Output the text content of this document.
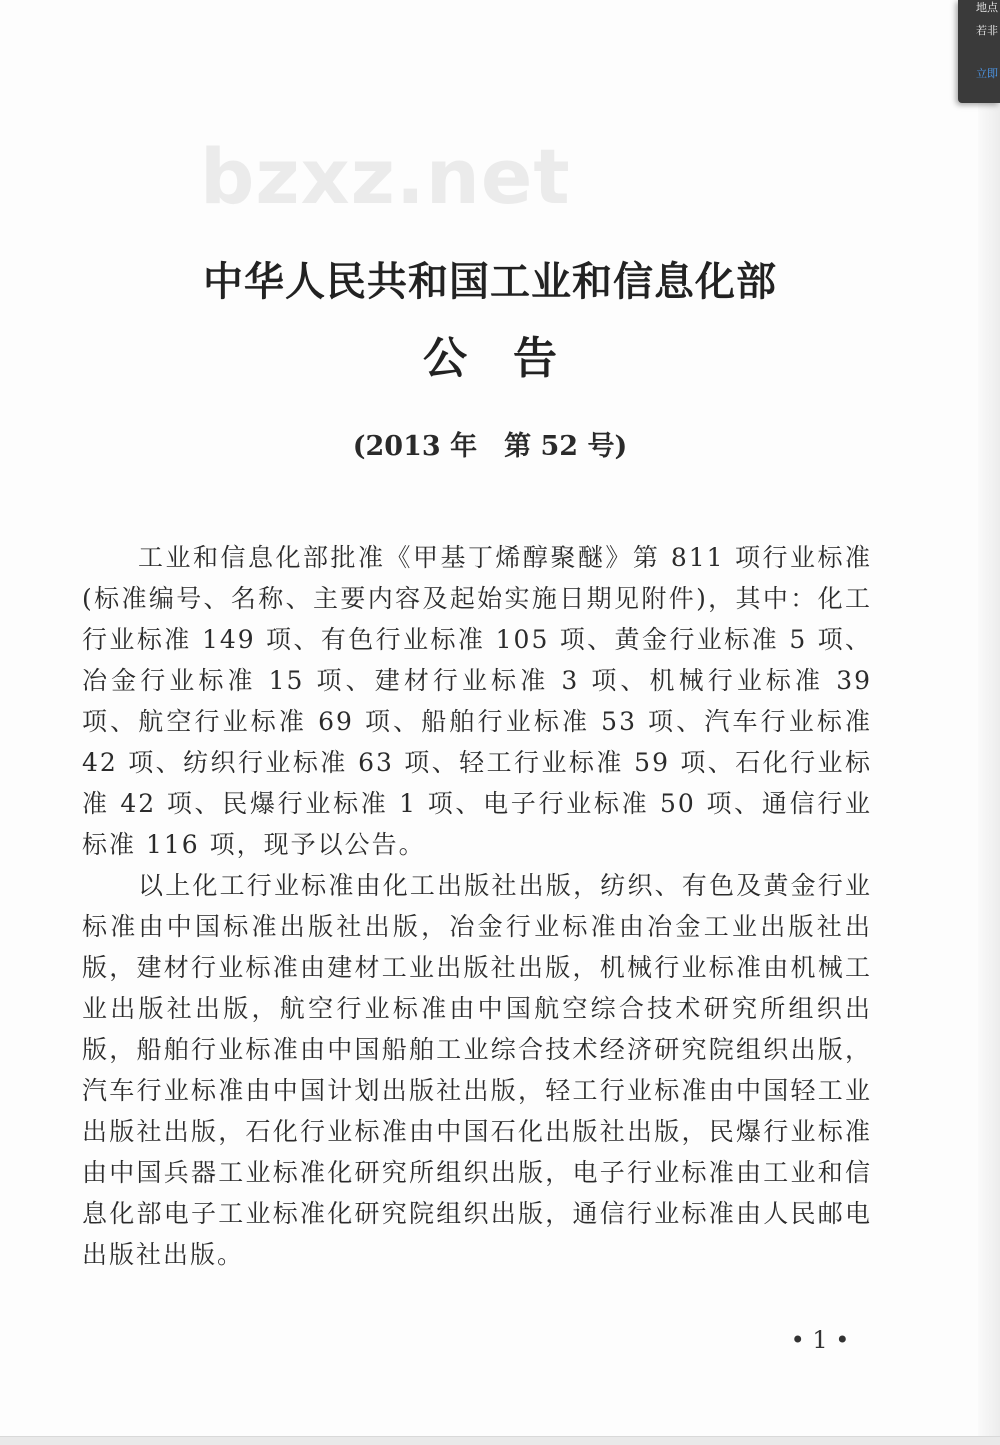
bzxz.net
中华人民共和国工业和信息化部
公告
(2013 年　第 52 号)

工业和信息化部批准《甲基丁烯醇聚醚》第 811 项行业标准(标准编号、名称、主要内容及起始实施日期见附件)，其中：化工行业标准 149 项、有色行业标准 105 项、黄金行业标准 5 项、冶金行业标准 15 项、建材行业标准 3 项、机械行业标准 39 项、航空行业标准 69 项、船舶行业标准 53 项、汽车行业标准 42 项、纺织行业标准 63 项、轻工行业标准 59 项、石化行业标准 42 项、民爆行业标准 1 项、电子行业标准 50 项、通信行业标准 116 项，现予以公告。

以上化工行业标准由化工出版社出版，纺织、有色及黄金行业标准由中国标准出版社出版，冶金行业标准由冶金工业出版社出版，建材行业标准由建材工业出版社出版，机械行业标准由机械工业出版社出版，航空行业标准由中国航空综合技术研究所组织出版，船舶行业标准由中国船舶工业综合技术经济研究院组织出版，汽车行业标准由中国计划出版社出版，轻工行业标准由中国轻工业出版社出版，石化行业标准由中国石化出版社出版，民爆行业标准由中国兵器工业标准化研究所组织出版，电子行业标准由工业和信息化部电子工业标准化研究院组织出版，通信行业标准由人民邮电出版社出版。

• 1 •
地点
若非
立即
